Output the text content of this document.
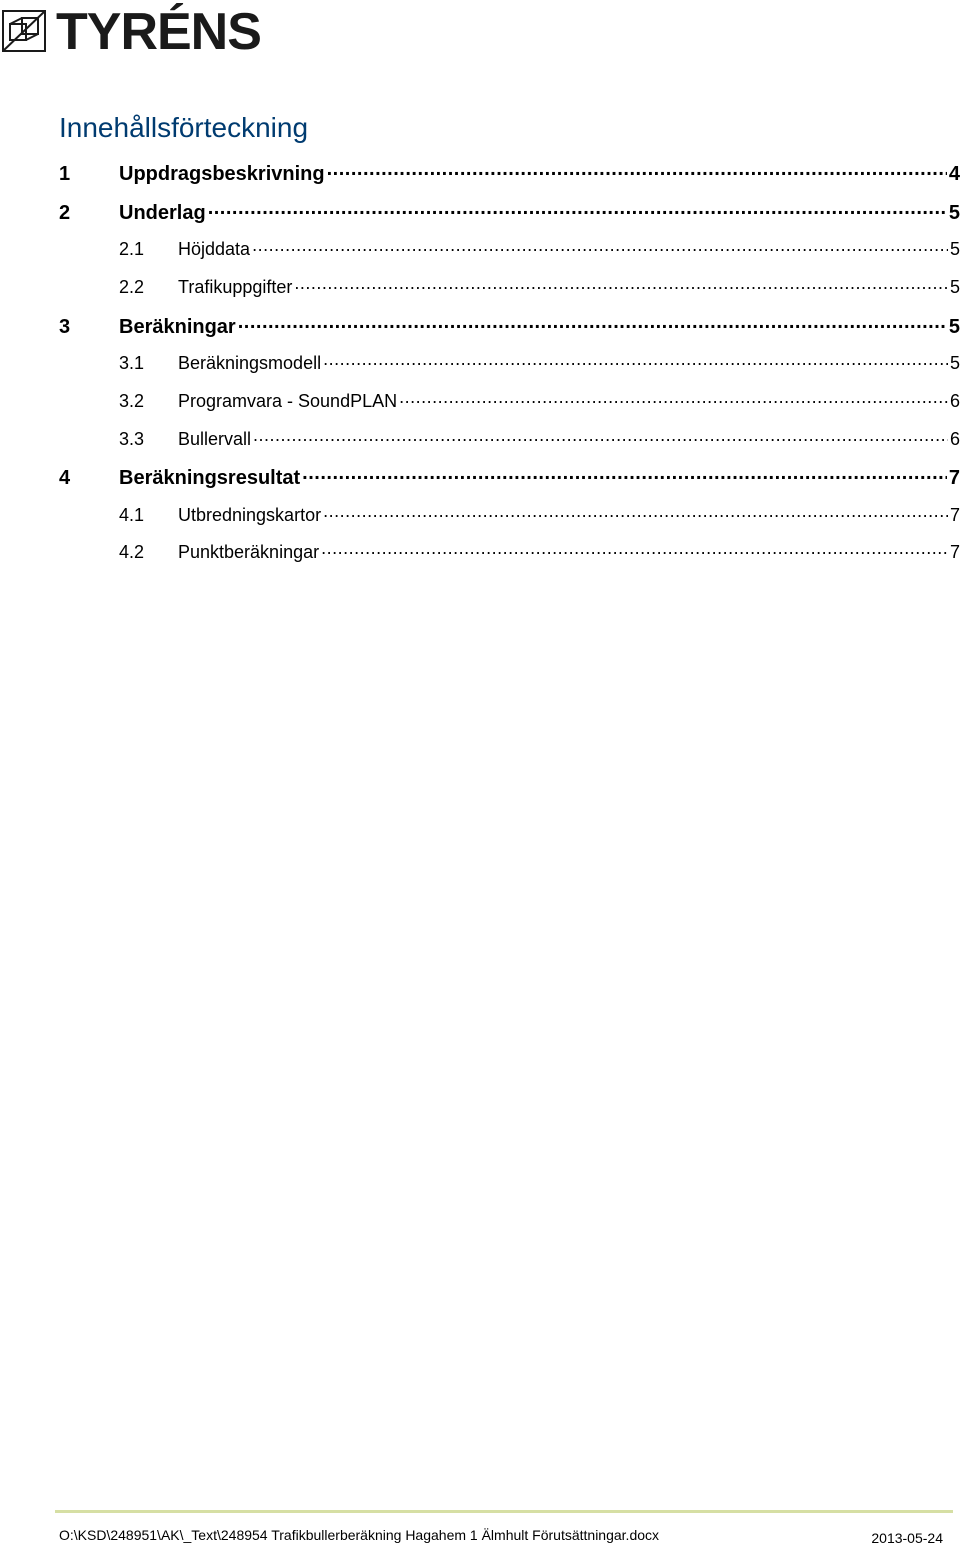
TYRÉNS
Innehållsförteckning
1	Uppdragsbeskrivning .....	4
2	Underlag .....	5
2.1	Höjddata .....	5
2.2	Trafikuppgifter .....	5
3	Beräkningar .....	5
3.1	Beräkningsmodell .....	5
3.2	Programvara - SoundPLAN .....	6
3.3	Bullervall .....	6
4	Beräkningsresultat .....	7
4.1	Utbredningskartor .....	7
4.2	Punktberäkningar .....	7
O:\KSD\248951\AK\_Text\248954 Trafikbullerberäkning Hagahem 1 Älmhult Förutsättningar.docx	2013-05-24
